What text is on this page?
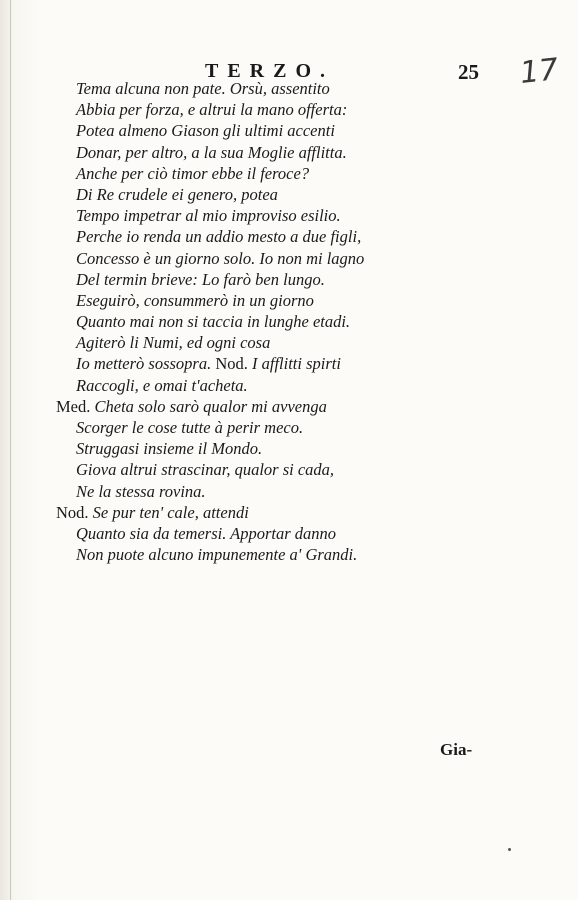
TERZO.	25 17
Tema alcuna non pate. Orsù, assentito
Abbia per forza, e altrui la mano offerta:
Potea almeno Giason gli ultimi accenti
Donar, per altro, a la sua Moglie afflitta.
Anche per ciò timor ebbe il feroce?
Di Re crudele ei genero, potea
Tempo impetrar al mio improviso esilio.
Perche io renda un addio mesto a due figli,
Concesso è un giorno solo. Io non mi lagno
Del termin brieve: Lo farò ben lungo.
Eseguirò, consummerò in un giorno
Quanto mai non si taccia in lunghe etadi.
Agiterò li Numi, ed ogni cosa
Io metterò sossopra. Nod. I afflitti spirti
Raccogli, e omai t'acheta.
Med. Cheta solo sarò qualor mi avvenga
Scorger le cose tutte à perir meco.
Struggasi insieme il Mondo.
Giova altrui strascinar, qualor si cada,
Ne la stessa rovina.
Nod. Se pur ten' cale, attendi
Quanto sia da temersi. Apportar danno
Non puote alcuno impunemente a' Grandi.
Gia-
